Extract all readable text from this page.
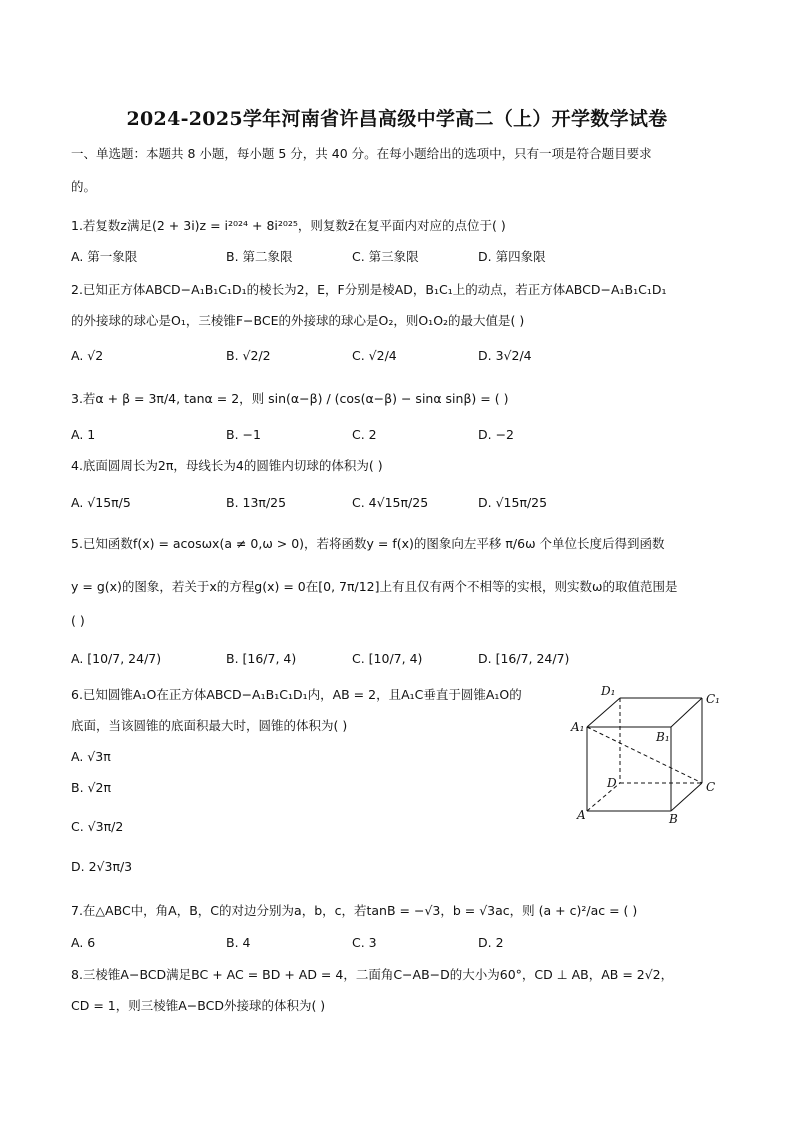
2024-2025学年河南省许昌高级中学高二（上）开学数学试卷
一、单选题：本题共 8 小题，每小题 5 分，共 40 分。在每小题给出的选项中，只有一项是符合题目要求
的。
1.若复数z满足(2 + 3i)z = i²⁰²⁴ + 8i²⁰²⁵，则复数z̄在复平面内对应的点位于( )
A. 第一象限	B. 第二象限	C. 第三象限	D. 第四象限
2.已知正方体ABCD−A₁B₁C₁D₁的棱长为2，E，F分别是棱AD，B₁C₁上的动点，若正方体ABCD−A₁B₁C₁D₁
的外接球的球心是O₁，三棱锥F−BCE的外接球的球心是O₂，则O₁O₂的最大值是( )
A. √2	B. √2/2	C. √2/4	D. 3√2/4
3.若α + β = 3π/4, tanα = 2，则 sin(α−β) / (cos(α−β) − sinα sinβ) = ( )
A. 1	B. −1	C. 2	D. −2
4.底面圆周长为2π，母线长为4的圆锥内切球的体积为( )
A. √15π/5	B. 13π/25	C. 4√15π/25	D. √15π/25
5.已知函数f(x) = acosωx(a ≠ 0,ω > 0)，若将函数y = f(x)的图象向左平移 π/6ω 个单位长度后得到函数
y = g(x)的图象，若关于x的方程g(x) = 0在[0, 7π/12]上有且仅有两个不相等的实根，则实数ω的取值范围是
( )
A. [10/7, 24/7)	B. [16/7, 4)	C. [10/7, 4)	D. [16/7, 24/7)
6.已知圆锥A₁O在正方体ABCD−A₁B₁C₁D₁内，AB = 2，且A₁C垂直于圆锥A₁O的
底面，当该圆锥的底面积最大时，圆锥的体积为( )
A. √3π
B. √2π
C. √3π/2
D. 2√3π/3
D₁
C₁
A₁
B₁
D	C
A	B
7.在△ABC中，角A，B，C的对边分别为a，b，c，若tanB = −√3，b = √3ac，则 (a + c)²/ac = ( )
A. 6	B. 4	C. 3	D. 2
8.三棱锥A−BCD满足BC + AC = BD + AD = 4，二面角C−AB−D的大小为60°，CD ⊥ AB，AB = 2√2，
CD = 1，则三棱锥A−BCD外接球的体积为( )
